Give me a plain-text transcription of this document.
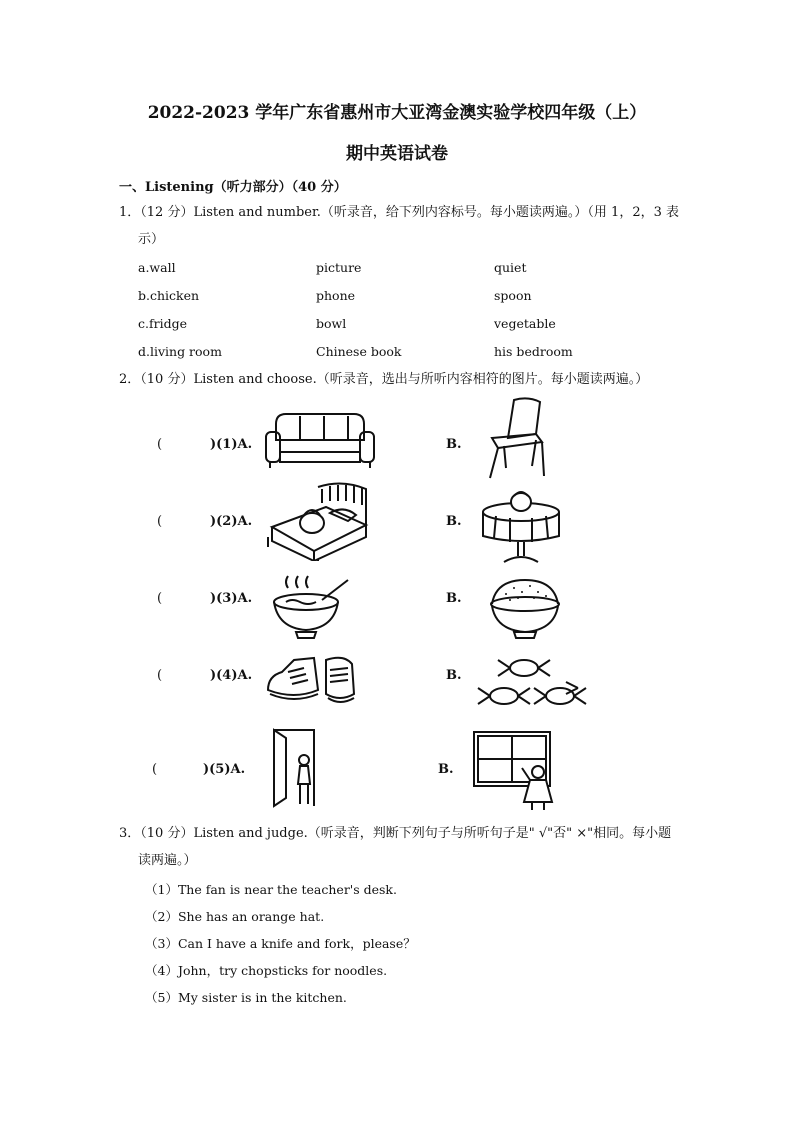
2022-2023 学年广东省惠州市大亚湾金澳实验学校四年级（上）
期中英语试卷
一、Listening（听力部分）（40 分）
1．（12 分）Listen and number.（听录音，给下列内容标号。每小题读两遍。）（用 1，2，3 表
示）
a.wall	picture	quiet
b.chicken	phone	spoon
c.fridge	bowl	vegetable
d.living room	Chinese book	his bedroom
2．（10 分）Listen and choose.（听录音，选出与所听内容相符的图片。每小题读两遍。）
(	)(1)A.	B.
(	)(2)A.	B.
(	)(3)A.	B.
(	)(4)A.	B.
(	)(5)A.	B.
3．（10 分）Listen and judge.（听录音，判断下列句子与所听句子是" √"否" ×"相同。每小题
读两遍。）
（1）The fan is near the teacher's desk.
（2）She has an orange hat.
（3）Can I have a knife and fork，please？
（4）John，try chopsticks for noodles.
（5）My sister is in the kitchen.
